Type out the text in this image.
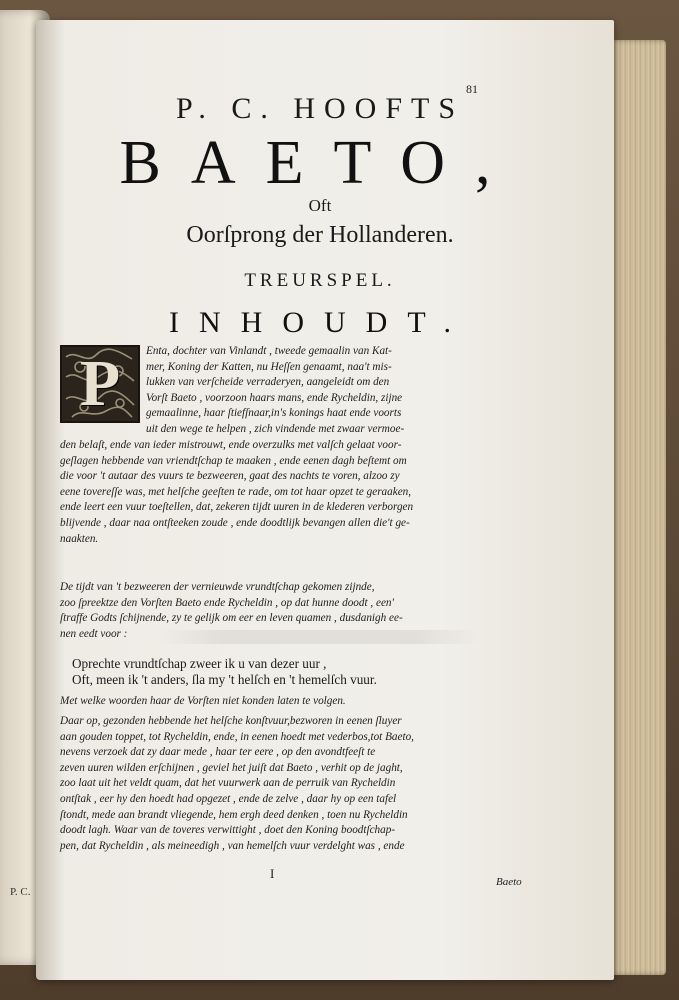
P. C.
81
P. C. HOOFTS
BAETO,
Oft
Oorſprong der Hollanderen.
TREURSPEL.
INHOUDT.
P	Enta, dochter van Vinlandt , tweede gemaalin van Kat-
mer, Koning der Katten, nu Heſſen genaamt, naa't mis-
lukken van verſcheide verraderyen, aangeleidt om den
Vorſt Baeto , voorzoon haars mans, ende Rycheldin, zijne
gemaalinne, haar ſtiefſnaar,in's konings haat ende voorts
uit den wege te helpen , zich vindende met zwaar vermoe-
den belaſt, ende van ieder mistrouwt, ende overzulks met valſch gelaat voor-
geſlagen hebbende van vriendtſchap te maaken , ende eenen dagh beſtemt om
die voor 't autaar des vuurs te bezweeren, gaat des nachts te voren, alzoo zy
eene toverеſſe was, met helſche geeſten te rade, om tot haar opzet te geraaken,
ende leert een vuur toeſtellen, dat, zekeren tijdt uuren in de klederen verborgen
blijvende , daar naa ontſteeken zoude , ende doodtlijk bevangen allen die't ge-
naakten.
De tijdt van 't bezweeren der vernieuwde vrundtſchap gekomen zijnde,
zoo ſpreektze den Vorſten Baeto ende Rycheldin , op dat hunne doodt , een'
ſtraffe Godts ſchijnende, zy te gelijk om eer en leven quamen , dusdanigh ee-
nen eedt voor :
Oprechte vrundtſchap zweer ik u van dezer uur ,
Oft, meen ik 't anders, ſla my 't helſch en 't hemelſch vuur.
Met welke woorden haar de Vorſten niet konden laten te volgen.
Daar op, gezonden hebbende het helſche konſtvuur,bezworen in eenen ſluyer
aan gouden toppet, tot Rycheldin, ende, in eenen hoedt met vederbos,tot Baeto,
nevens verzoek dat zy daar mede , haar ter eere , op den avondtfeeſt te
zeven uuren wilden erſchijnen , geviel het juiſt dat Baeto , verhit op de jaght,
zoo laat uit het veldt quam, dat het vuurwerk aan de perruik van Rycheldin
ontſtak , eer hy den hoedt had opgezet , ende de zelve , daar hy op een tafel
ſtondt, mede aan brandt vliegende, hem ergh deed denken , toen nu Rycheldin
doodt lagh. Waar van de toveres verwittight , doet den Koning boodtſchap-
pen, dat Rycheldin , als meineedigh , van hemelſch vuur verdelght was , ende
I
Baeto
